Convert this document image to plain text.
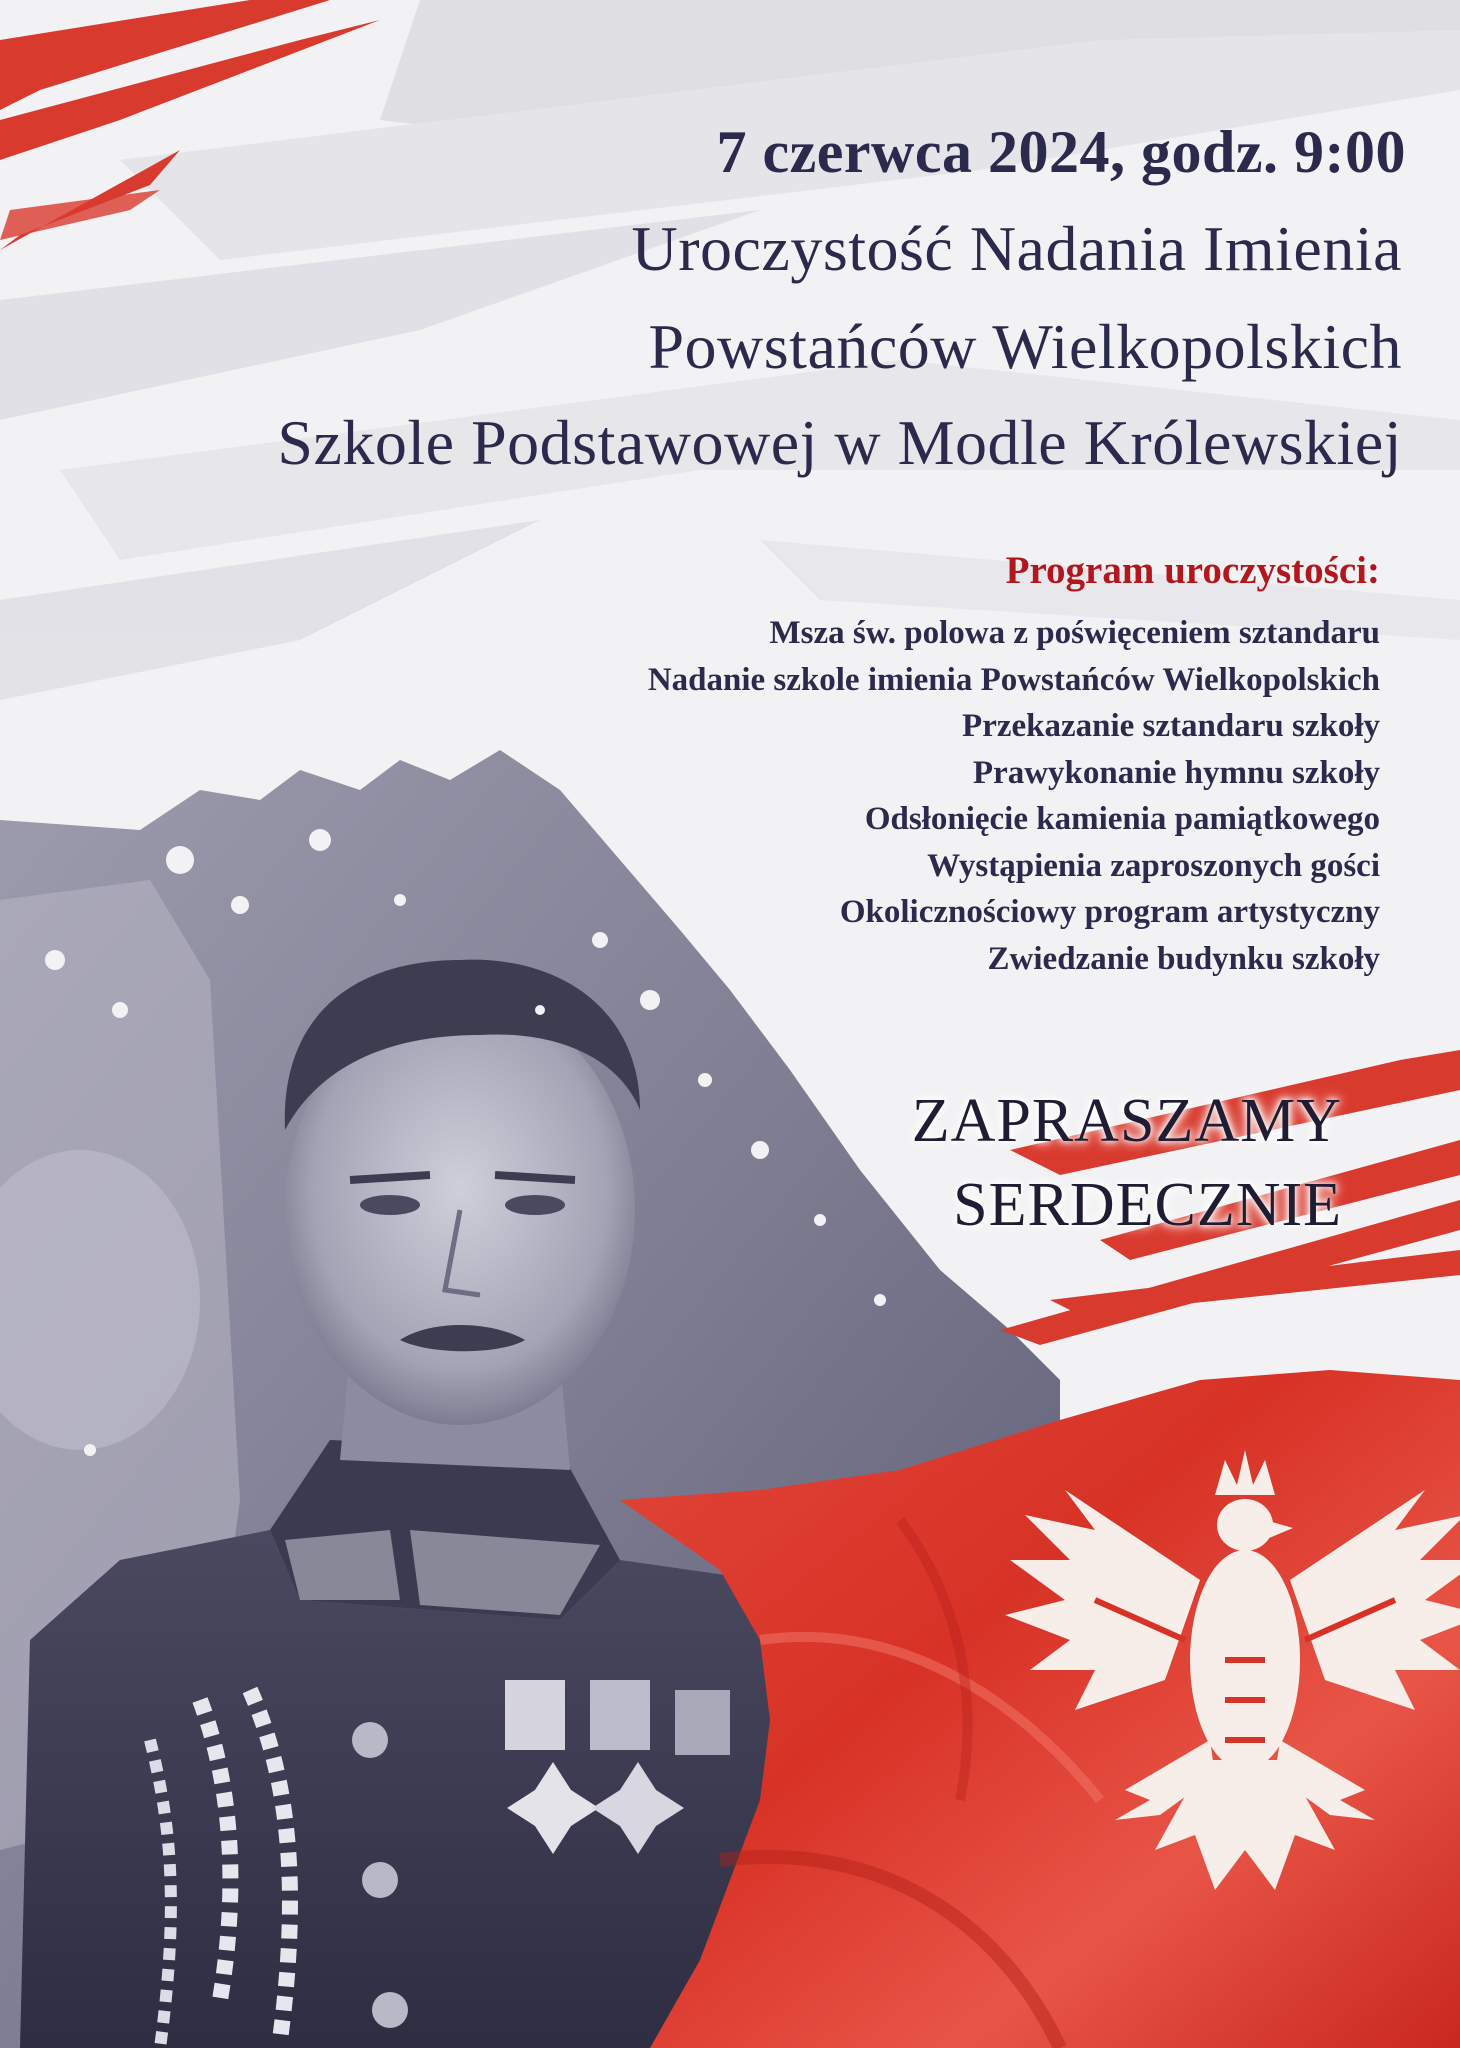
7 czerwca 2024, godz. 9:00
Uroczystość Nadania Imienia
Powstańców Wielkopolskich
Szkole Podstawowej w Modle Królewskiej
Program uroczystości:
Msza św. polowa z poświęceniem sztandaru
Nadanie szkole imienia Powstańców Wielkopolskich
Przekazanie sztandaru szkoły
Prawykonanie hymnu szkoły
Odsłonięcie kamienia pamiątkowego
Wystąpienia zaproszonych gości
Okolicznościowy program artystyczny
Zwiedzanie budynku szkoły
ZAPRASZAMY
SERDECZNIE
